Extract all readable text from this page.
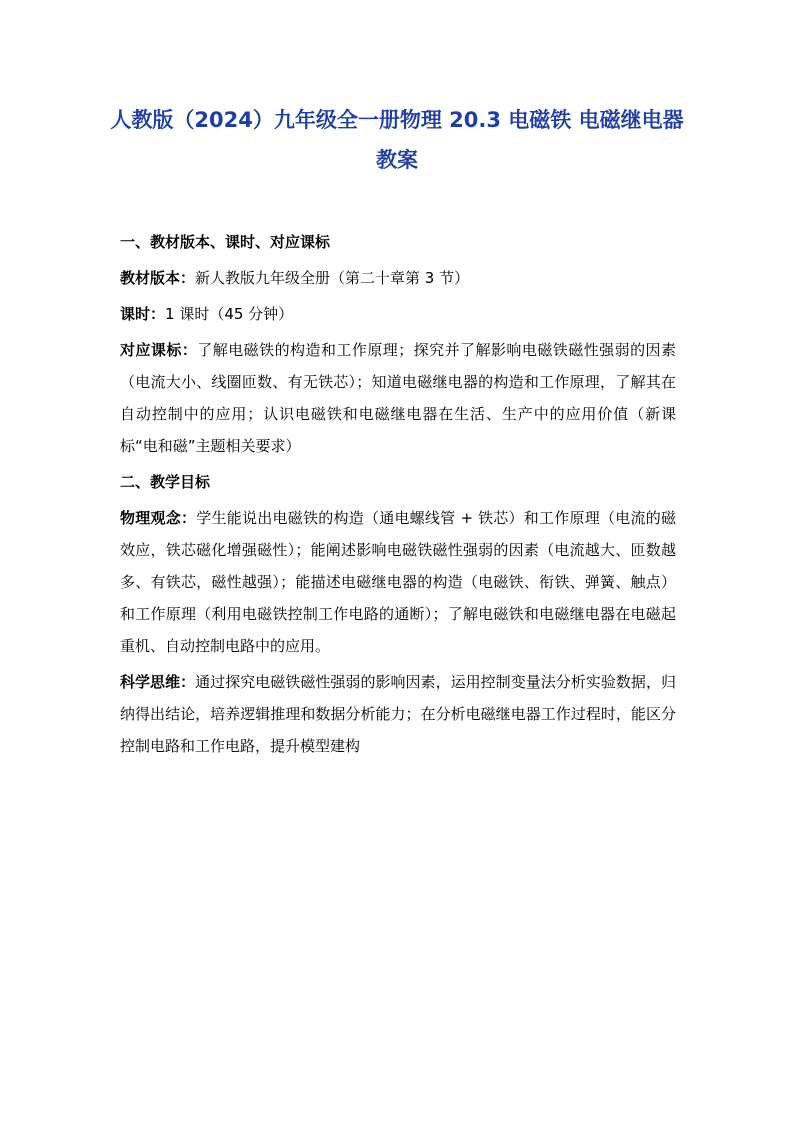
人教版（2024）九年级全一册物理 20.3 电磁铁 电磁继电器 教案
一、教材版本、课时、对应课标

教材版本：新人教版九年级全册（第二十章第 3 节）

课时：1 课时（45 分钟）

对应课标：了解电磁铁的构造和工作原理；探究并了解影响电磁铁磁性强弱的因素（电流大小、线圈匝数、有无铁芯）；知道电磁继电器的构造和工作原理，了解其在自动控制中的应用；认识电磁铁和电磁继电器在生活、生产中的应用价值（新课标“电和磁”主题相关要求）

二、教学目标

物理观念：学生能说出电磁铁的构造（通电螺线管 + 铁芯）和工作原理（电流的磁效应，铁芯磁化增强磁性）；能阐述影响电磁铁磁性强弱的因素（电流越大、匝数越多、有铁芯，磁性越强）；能描述电磁继电器的构造（电磁铁、衔铁、弹簧、触点）和工作原理（利用电磁铁控制工作电路的通断）；了解电磁铁和电磁继电器在电磁起重机、自动控制电路中的应用。

科学思维：通过探究电磁铁磁性强弱的影响因素，运用控制变量法分析实验数据，归纳得出结论，培养逻辑推理和数据分析能力；在分析电磁继电器工作过程时，能区分控制电路和工作电路，提升模型建构
